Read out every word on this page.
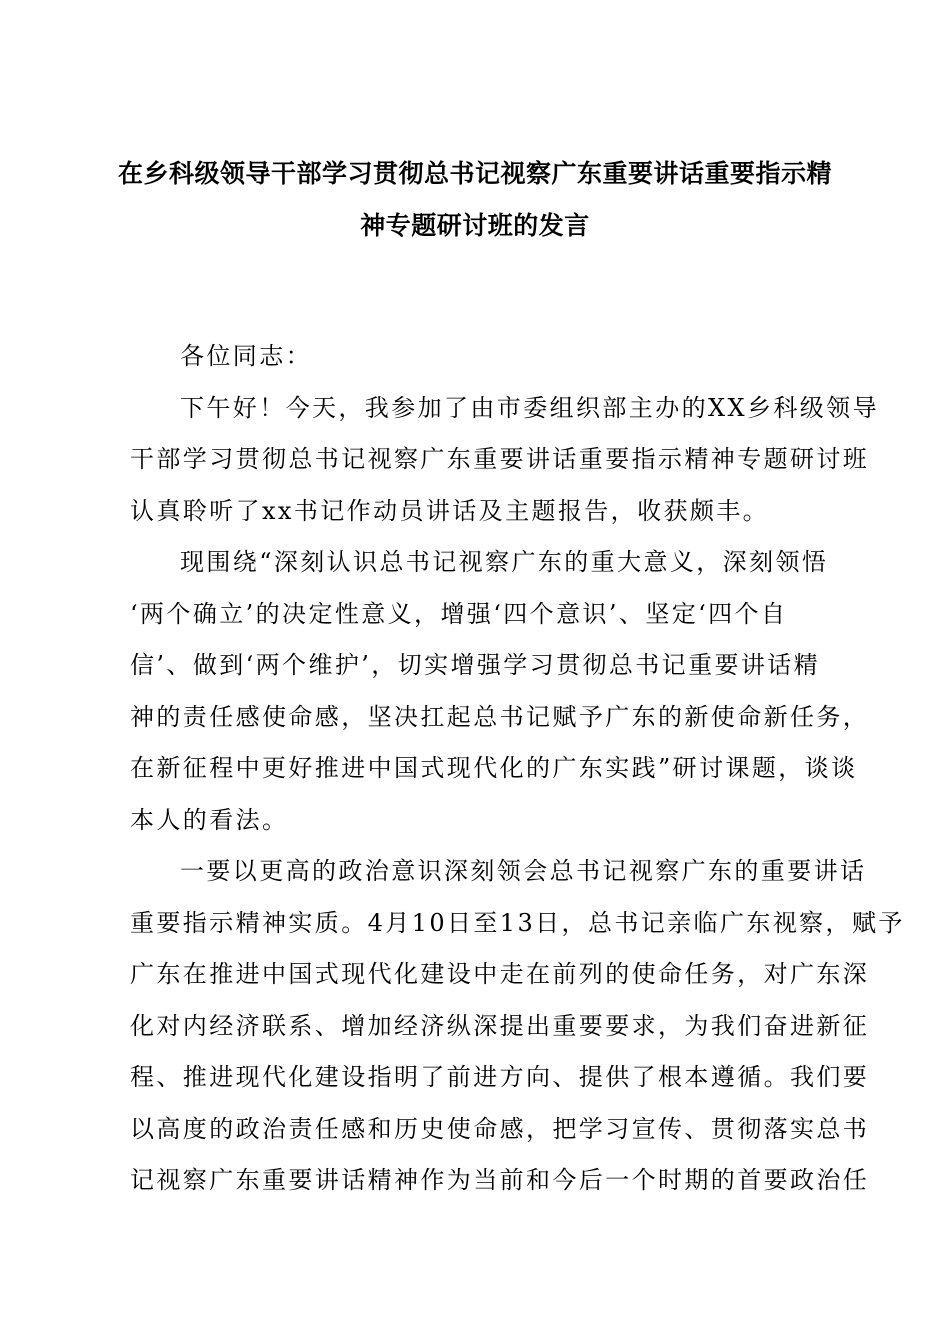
在乡科级领导干部学习贯彻总书记视察广东重要讲话重要指示精
神专题研讨班的发言
各位同志：
下午好！今天，我参加了由市委组织部主办的XX乡科级领导
干部学习贯彻总书记视察广东重要讲话重要指示精神专题研讨班
认真聆听了xx书记作动员讲话及主题报告，收获颇丰。
现围绕“深刻认识总书记视察广东的重大意义，深刻领悟
‘两个确立’的决定性意义，增强‘四个意识’、坚定‘四个自
信’、做到‘两个维护’，切实增强学习贯彻总书记重要讲话精
神的责任感使命感，坚决扛起总书记赋予广东的新使命新任务，
在新征程中更好推进中国式现代化的广东实践”研讨课题，谈谈
本人的看法。
一要以更高的政治意识深刻领会总书记视察广东的重要讲话
重要指示精神实质。4月10日至13日，总书记亲临广东视察，赋予
广东在推进中国式现代化建设中走在前列的使命任务，对广东深
化对内经济联系、增加经济纵深提出重要要求，为我们奋进新征
程、推进现代化建设指明了前进方向、提供了根本遵循。我们要
以高度的政治责任感和历史使命感，把学习宣传、贯彻落实总书
记视察广东重要讲话精神作为当前和今后一个时期的首要政治任
